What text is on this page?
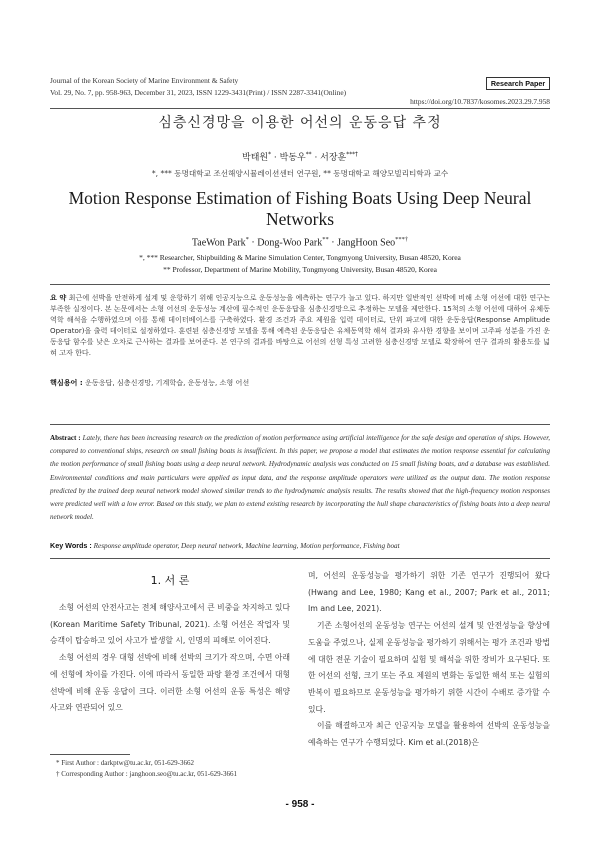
Journal of the Korean Society of Marine Environment & Safety	Research Paper
Vol. 29, No. 7, pp. 958-963, December 31, 2023, ISSN 1229-3431(Print) / ISSN 2287-3341(Online)
https://doi.org/10.7837/kosomes.2023.29.7.958
심층신경망을 이용한 어선의 운동응답 추정
박태원* · 박동우** · 서장훈***†
*, *** 동명대학교 조선해양시뮬레이션센터 연구원, ** 동명대학교 해양모빌리티학과 교수
Motion Response Estimation of Fishing Boats Using Deep Neural Networks
TaeWon Park* · Dong-Woo Park** · JangHoon Seo***†
*, *** Researcher, Shipbuilding & Marine Simulation Center, Tongmyong University, Busan 48520, Korea
** Professor, Department of Marine Mobility, Tongmyong University, Busan 48520, Korea
요 약 최근에 선박을 안전하게 설계 및 운항하기 위해 인공지능으로 운동성능을 예측하는 연구가 늘고 있다. 하지만 일반적인 선박에 비해 소형 어선에 대한 연구는 부족한 실정이다. 본 논문에서는 소형 어선의 운동성능 계산에 필수적인 운동응답을 심층신경망으로 추정하는 모델을 제안한다. 15척의 소형 어선에 대하여 유체동역학 해석을 수행하였으며 이를 통해 데이터베이스를 구축하였다. 환경 조건과 주요 제원을 입력 데이터로, 단위 파고에 대한 운동응답(Response Amplitude Operator)을 출력 데이터로 설정하였다. 훈련된 심층신경망 모델을 통해 예측된 운동응답은 유체동역학 해석 결과와 유사한 경향을 보이며 고주파 성분을 가진 운동응답 함수를 낮은 오차로 근사하는 결과를 보여준다. 본 연구의 결과를 바탕으로 어선의 선형 특성 고려한 심층신경망 모델로 확장하여 연구 결과의 활용도를 넓혀 고자 한다.
핵심용어 : 운동응답, 심층신경망, 기계학습, 운동성능, 소형 어선
Abstract : Lately, there has been increasing research on the prediction of motion performance using artificial intelligence for the safe design and operation of ships. However, compared to conventional ships, research on small fishing boats is insufficient. In this paper, we propose a model that estimates the motion response essential for calculating the motion performance of small fishing boats using a deep neural network. Hydrodynamic analysis was conducted on 15 small fishing boats, and a database was established. Environmental conditions and main particulars were applied as input data, and the response amplitude operators were utilized as the output data. The motion response predicted by the trained deep neural network model showed similar trends to the hydrodynamic analysis results. The results showed that the high-frequency motion responses were predicted well with a low error. Based on this study, we plan to extend existing research by incorporating the hull shape characteristics of fishing boats into a deep neural network model.
Key Words : Response amplitude operator, Deep neural network, Machine learning, Motion performance, Fishing boat
1. 서 론

소형 어선의 안전사고는 전체 해양사고에서 큰 비중을 차지하고 있다(Korean Maritime Safety Tribunal, 2021). 소형 어선은 작업자 및 승객이 탑승하고 있어 사고가 발생할 시, 인명의 피해로 이어진다.

소형 어선의 경우 대형 선박에 비해 선박의 크기가 작으며, 수면 아래에 선형에 차이를 가진다. 이에 따라서 동일한 파랑 환경 조건에서 대형 선박에 비해 운동 응답이 크다. 이러한 소형 어선의 운동 특성은 해양 사고와 연관되어 있으

며, 어선의 운동성능을 평가하기 위한 기존 연구가 진행되어 왔다(Hwang and Lee, 1980; Kang et al., 2007; Park et al., 2011; Im and Lee, 2021).

기존 소형어선의 운동성능 연구는 어선의 설계 및 안전성능을 향상에 도움을 주었으나, 실제 운동성능을 평가하기 위해서는 평가 조건과 방법에 대한 전문 기술이 필요하며 실험 및 해석을 위한 장비가 요구된다. 또한 어선의 선형, 크기 또는 주요 제원의 변화는 동일한 해석 또는 실험의 반복이 필요하므로 운동성능을 평가하기 위한 시간이 수배로 증가할 수 있다.

이를 해결하고자 최근 인공지능 모델을 활용하여 선박의 운동성능을 예측하는 연구가 수행되었다. Kim et al.(2018)은

* First Author : darkptw@tu.ac.kr, 051-629-3662
† Corresponding Author : janghoon.seo@tu.ac.kr, 051-629-3661
- 958 -
